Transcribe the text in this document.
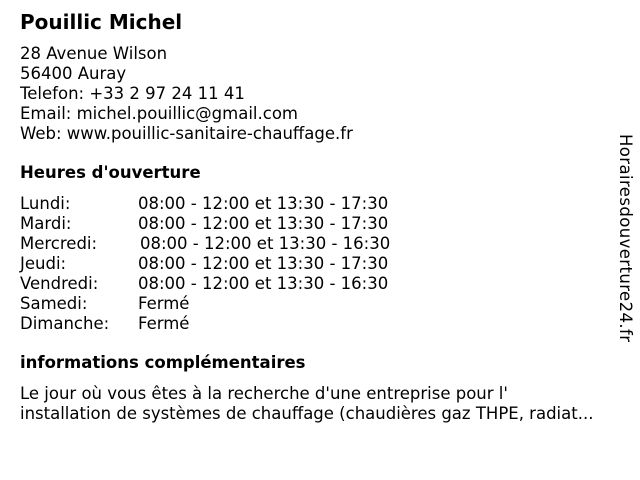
Pouillic Michel
28 Avenue Wilson
56400 Auray
Telefon: +33 2 97 24 11 41
Email: michel.pouillic@gmail.com
Web: www.pouillic-sanitaire-chauffage.fr
Heures d'ouverture
Lundi:	08:00 - 12:00 et 13:30 - 17:30
Mardi:	08:00 - 12:00 et 13:30 - 17:30
Mercredi:	08:00 - 12:00 et 13:30 - 16:30
Jeudi:	08:00 - 12:00 et 13:30 - 17:30
Vendredi: 08:00 - 12:00 et 13:30 - 16:30
Samedi:	Fermé
Dimanche: Fermé
informations complémentaires
Le jour où vous êtes à la recherche d'une entreprise pour l'
installation de systèmes de chauffage (chaudières gaz THPE, radiat...
Horairesdouverture24.fr
